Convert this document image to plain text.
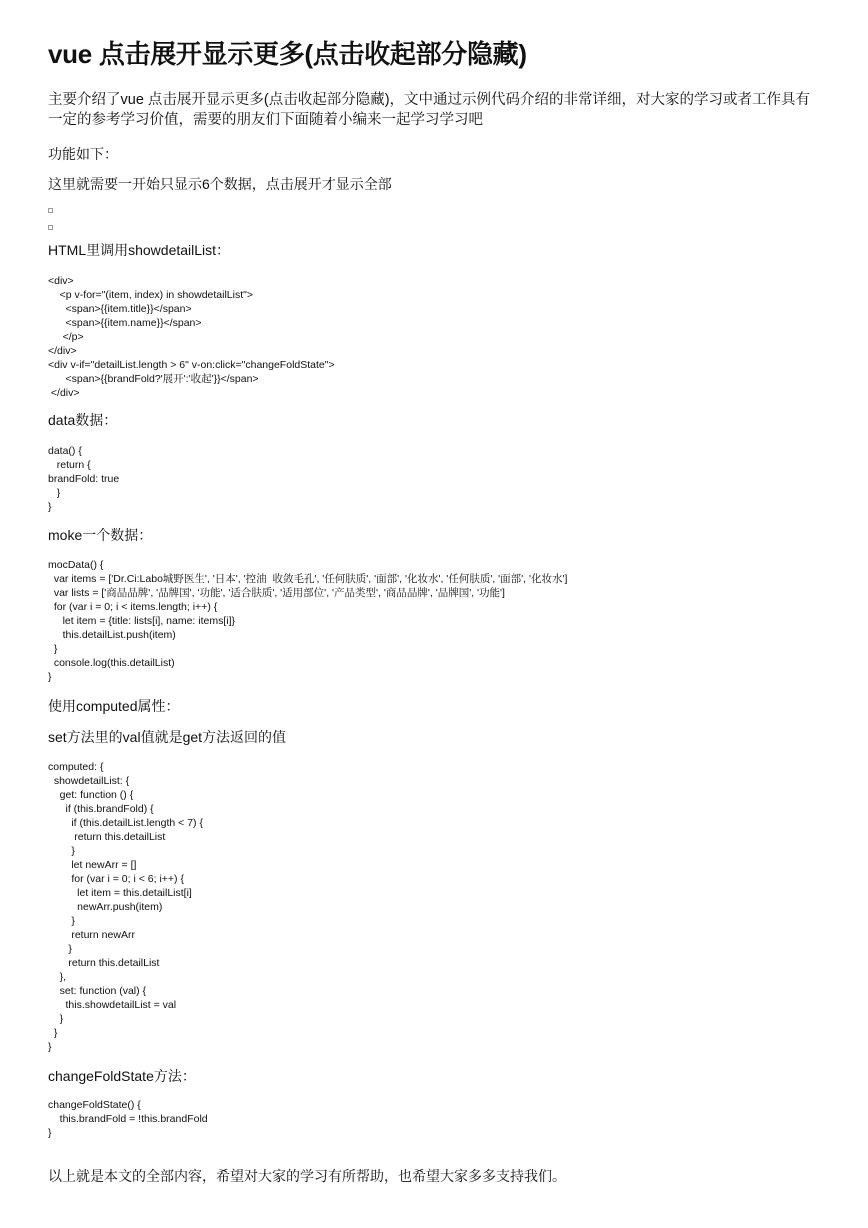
vue 点击展开显示更多(点击收起部分隐藏)
主要介绍了vue 点击展开显示更多(点击收起部分隐藏)，文中通过示例代码介绍的非常详细，对大家的学习或者工作具有一定的参考学习价值，需要的朋友们下面随着小编来一起学习学习吧
功能如下：
这里就需要一开始只显示6个数据，点击展开才显示全部
HTML里调用showdetailList：
<div>
<p v-for="(item, index) in showdetailList">
<span>{{item.title}}</span>
<span>{{item.name}}</span>
</p>
</div>
<div v-if="detailList.length > 6" v-on:click="changeFoldState">
<span>{{brandFold?'展开':'收起'}}</span>
</div>
data数据：
data() {
return {
brandFold: true
}
}
moke一个数据：
mocData() {
var items = ['Dr.Ci:Labo城野医生', '日本', '控油  收敛毛孔', '任何肤质', '面部', '化妆水', '任何肤质', '面部', '化妆水']
var lists = ['商品品牌', '品牌国', '功能', '适合肤质', '适用部位', '产品类型', '商品品牌', '品牌国', '功能']
for (var i = 0; i < items.length; i++) {
let item = {title: lists[i], name: items[i]}
this.detailList.push(item)
}
console.log(this.detailList)
}
使用computed属性：
set方法里的val值就是get方法返回的值
computed: {
showdetailList: {
get: function () {
if (this.brandFold) {
if (this.detailList.length < 7) {
return this.detailList
}
let newArr = []
for (var i = 0; i < 6; i++) {
let item = this.detailList[i]
newArr.push(item)
}
return newArr
}
return this.detailList
},
set: function (val) {
this.showdetailList = val
}
}
}
changeFoldState方法：
changeFoldState() {
this.brandFold = !this.brandFold
}
以上就是本文的全部内容，希望对大家的学习有所帮助，也希望大家多多支持我们。
